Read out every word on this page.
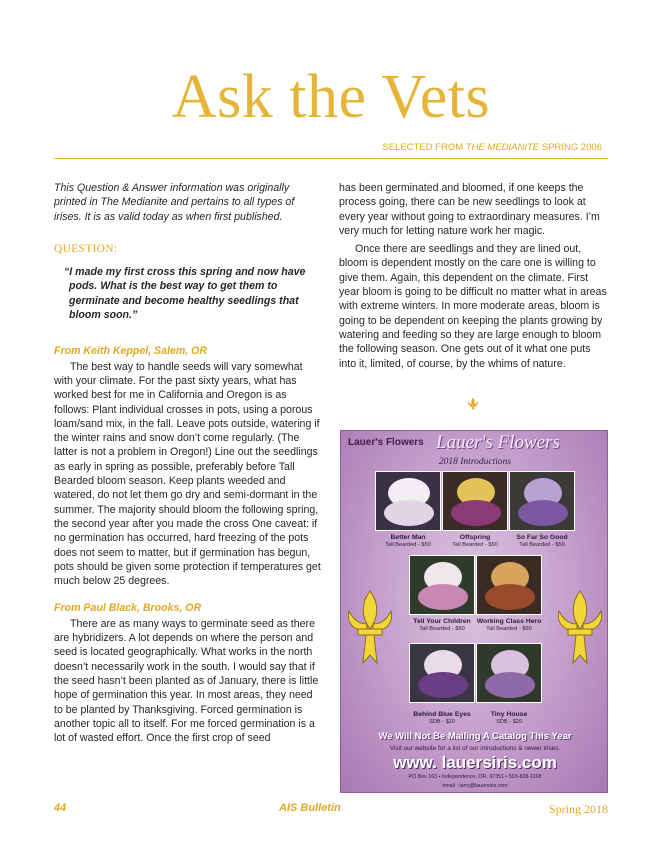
Ask the Vets
SELECTED FROM THE MEDIANITE SPRING 2006

This Question & Answer information was originally printed in The Medianite and pertains to all types of irises. It is as valid today as when first published.

QUESTION:

“I made my first cross this spring and now have pods. What is the best way to get them to germinate and become healthy seedlings that bloom soon.”

From Keith Keppel, Salem, OR

The best way to handle seeds will vary somewhat with your climate. For the past sixty years, what has worked best for me in California and Oregon is as follows: Plant individual crosses in pots, using a porous loam/sand mix, in the fall. Leave pots outside, watering if the winter rains and snow don’t come regularly. (The latter is not a problem in Oregon!) Line out the seedlings as early in spring as possible, preferably before Tall Bearded bloom season. Keep plants weeded and watered, do not let them go dry and semi-dormant in the summer. The majority should bloom the following spring, the second year after you made the cross One caveat: if no germination has occurred, hard freezing of the pots does not seem to matter, but if germination has begun, pots should be given some protection if temperatures get much below 25 degrees.

From Paul Black, Brooks, OR

There are as many ways to germinate seed as there are hybridizers. A lot depends on where the person and seed is located geographically. What works in the north doesn’t necessarily work in the south. I would say that if the seed hasn’t been planted as of January, there is little hope of germination this year. In most areas, they need to be planted by Thanksgiving. Forced germination is another topic all to itself. For me forced germination is a lot of wasted effort. Once the first crop of seed

has been germinated and bloomed, if one keeps the process going, there can be new seedlings to look at every year without going to extraordinary measures. I’m very much for letting nature work her magic.

Once there are seedlings and they are lined out, bloom is dependent mostly on the care one is willing to give them. Again, this dependent on the climate. First year bloom is going to be difficult no matter what in areas with extreme winters. In more moderate areas, bloom is going to be dependent on keeping the plants growing by watering and feeding so they are large enough to bloom the following season. One gets out of it what one puts into it, limited, of course, by the whims of nature.

Lauer's Flowers Lauer's Flowers
2018 Introductions
Better Man
Tall Bearded - $50
Offspring
Tall Bearded - $50
So Far So Good
Tall Bearded - $50
Tell Your Children
Tall Bearded - $50
Working Class Hero
Tall Bearded - $50
Behind Blue Eyes
SDB - $20
Tiny House
SDB - $20
We Will Not Be Mailing A Catalog This Year
Visit our website for a list of our introductions & newer irises.
www. lauersiris.com
PO Box 163 • Independence, OR. 97351 • 503-838-1168
email : larry@lauersiris.com
44	AIS Bulletin	Spring 2018
